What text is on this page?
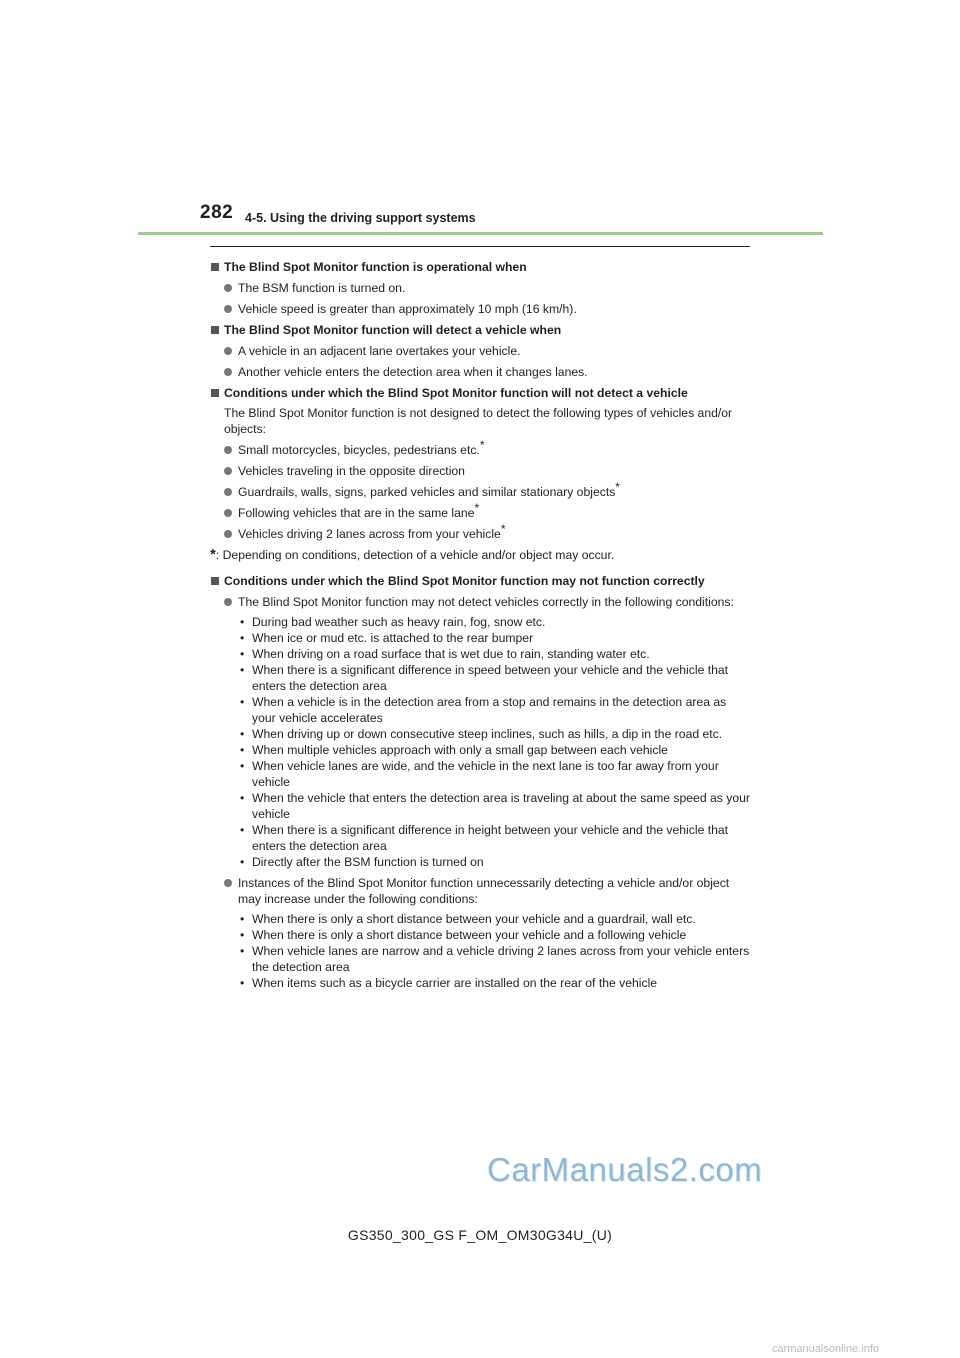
282 4-5. Using the driving support systems
The Blind Spot Monitor function is operational when
The BSM function is turned on.
Vehicle speed is greater than approximately 10 mph (16 km/h).
The Blind Spot Monitor function will detect a vehicle when
A vehicle in an adjacent lane overtakes your vehicle.
Another vehicle enters the detection area when it changes lanes.
Conditions under which the Blind Spot Monitor function will not detect a vehicle
The Blind Spot Monitor function is not designed to detect the following types of vehicles and/or objects:
Small motorcycles, bicycles, pedestrians etc.*
Vehicles traveling in the opposite direction
Guardrails, walls, signs, parked vehicles and similar stationary objects*
Following vehicles that are in the same lane*
Vehicles driving 2 lanes across from your vehicle*
*: Depending on conditions, detection of a vehicle and/or object may occur.
Conditions under which the Blind Spot Monitor function may not function correctly
The Blind Spot Monitor function may not detect vehicles correctly in the following conditions:
• During bad weather such as heavy rain, fog, snow etc.
• When ice or mud etc. is attached to the rear bumper
• When driving on a road surface that is wet due to rain, standing water etc.
• When there is a significant difference in speed between your vehicle and the vehicle that enters the detection area
• When a vehicle is in the detection area from a stop and remains in the detection area as your vehicle accelerates
• When driving up or down consecutive steep inclines, such as hills, a dip in the road etc.
• When multiple vehicles approach with only a small gap between each vehicle
• When vehicle lanes are wide, and the vehicle in the next lane is too far away from your vehicle
• When the vehicle that enters the detection area is traveling at about the same speed as your vehicle
• When there is a significant difference in height between your vehicle and the vehicle that enters the detection area
• Directly after the BSM function is turned on
Instances of the Blind Spot Monitor function unnecessarily detecting a vehicle and/or object may increase under the following conditions:
• When there is only a short distance between your vehicle and a guardrail, wall etc.
• When there is only a short distance between your vehicle and a following vehicle
• When vehicle lanes are narrow and a vehicle driving 2 lanes across from your vehicle enters the detection area
• When items such as a bicycle carrier are installed on the rear of the vehicle
CarManuals2.com
GS350_300_GS F_OM_OM30G34U_(U)
carmanualsonline.info
